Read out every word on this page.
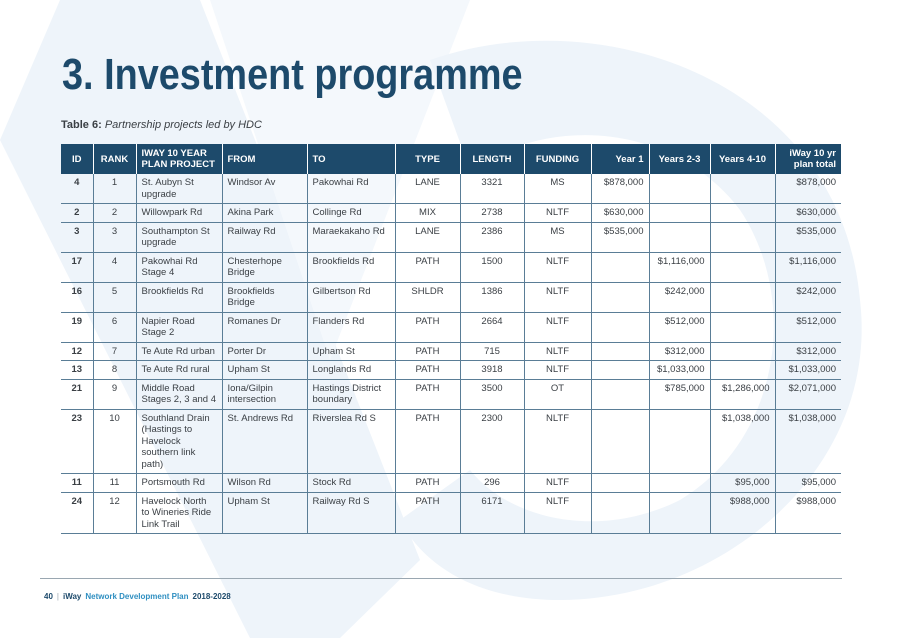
3. Investment programme
Table 6: Partnership projects led by HDC
ID	RANK	IWAY 10 YEAR PLAN PROJECT	FROM	TO	TYPE	LENGTH	FUNDING	Year 1	Years 2-3	Years 4-10	iWay 10 yr plan total
4	1	St. Aubyn St upgrade	Windsor Av	Pakowhai Rd	LANE	3321	MS	$878,000			$878,000
2	2	Willowpark Rd	Akina Park	Collinge Rd	MIX	2738	NLTF	$630,000			$630,000
3	3	Southampton St upgrade	Railway Rd	Maraekakaho Rd	LANE	2386	MS	$535,000			$535,000
17	4	Pakowhai Rd Stage 4	Chesterhope Bridge	Brookfields Rd	PATH	1500	NLTF		$1,116,000		$1,116,000
16	5	Brookfields Rd	Brookfields Bridge	Gilbertson Rd	SHLDR	1386	NLTF		$242,000		$242,000
19	6	Napier Road Stage 2	Romanes Dr	Flanders Rd	PATH	2664	NLTF		$512,000		$512,000
12	7	Te Aute Rd urban	Porter Dr	Upham St	PATH	715	NLTF		$312,000		$312,000
13	8	Te Aute Rd rural	Upham St	Longlands Rd	PATH	3918	NLTF		$1,033,000		$1,033,000
21	9	Middle Road Stages 2, 3 and 4	Iona/Gilpin intersection	Hastings District boundary	PATH	3500	OT		$785,000	$1,286,000	$2,071,000
23	10	Southland Drain (Hastings to Havelock southern link path)	St. Andrews Rd	Riverslea Rd S	PATH	2300	NLTF			$1,038,000	$1,038,000
11	11	Portsmouth Rd	Wilson Rd	Stock Rd	PATH	296	NLTF			$95,000	$95,000
24	12	Havelock North to Wineries Ride Link Trail	Upham St	Railway Rd S	PATH	6171	NLTF			$988,000	$988,000
40 | iWay Network Development Plan 2018-2028
